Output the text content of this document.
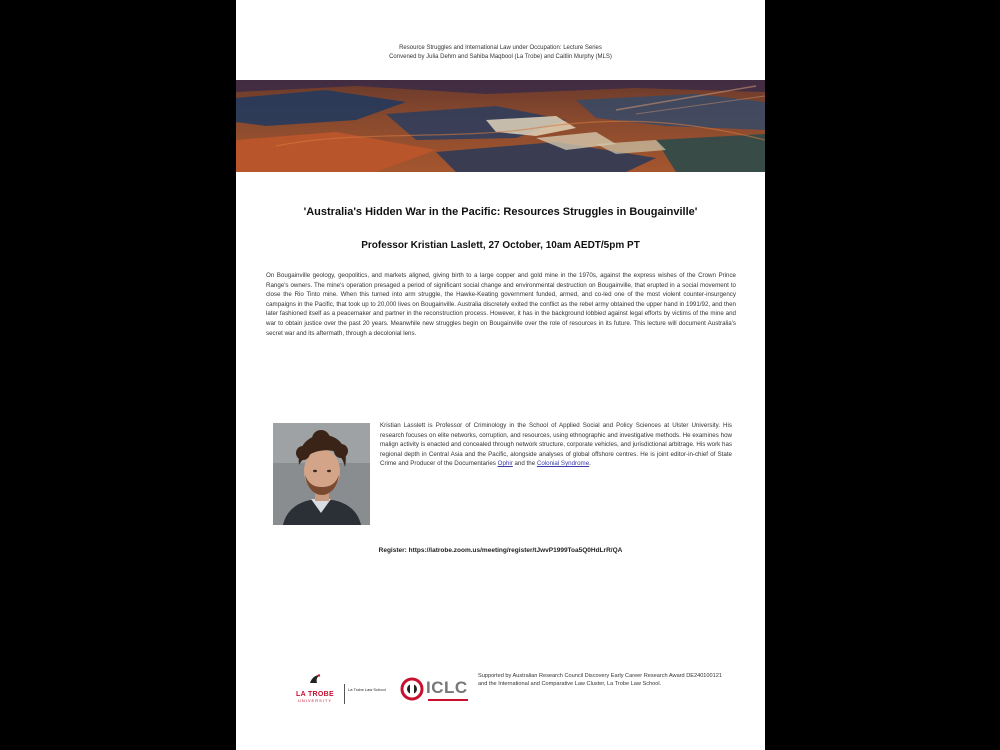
Resource Struggles and International Law under Occupation: Lecture Series
Convened by Julia Dehm and Sahiba Maqbool (La Trobe) and Caitlin Murphy (MLS)
'Australia's Hidden War in the Pacific: Resources Struggles in Bougainville'
Professor Kristian Laslett, 27 October, 10am AEDT/5pm PT

On Bougainville geology, geopolitics, and markets aligned, giving birth to a large copper and gold mine in the 1970s, against the express wishes of the Crown Prince Range's owners. The mine's operation presaged a period of significant social change and environmental destruction on Bougainville, that erupted in a social movement to close the Rio Tinto mine. When this turned into arm struggle, the Hawke-Keating government funded, armed, and co-led one of the most violent counter-insurgency campaigns in the Pacific, that took up to 20,000 lives on Bougainville. Australia discretely exited the conflict as the rebel army obtained the upper hand in 1991/92, and then later fashioned itself as a peacemaker and partner in the reconstruction process. However, it has in the background lobbied against legal efforts by victims of the mine and war to obtain justice over the past 20 years. Meanwhile new struggles begin on Bougainville over the role of resources in its future. This lecture will document Australia's secret war and its aftermath, through a decolonial lens.

Kristian Lasslett is Professor of Criminology in the School of Applied Social and Policy Sciences at Ulster University. His research focuses on elite networks, corruption, and resources, using ethnographic and investigative methods. He examines how malign activity is enacted and concealed through network structure, corporate vehicles, and jurisdictional arbitrage. His work has regional depth in Central Asia and the Pacific, alongside analyses of global offshore centres. He is joint editor-in-chief of State Crime and Producer of the Documentaries Ophir and the Colonial Syndrome.

Register: https://latrobe.zoom.us/meeting/register/tJwvP1999Toa5Q0HdLrR/QA
LA TROBE
UNIVERSITY
La Trobe Law School ICLC

Supported by Australian Research Council Discovery Early Career Research Award DE240100121 and the International and Comparative Law Cluster, La Trobe Law School.
